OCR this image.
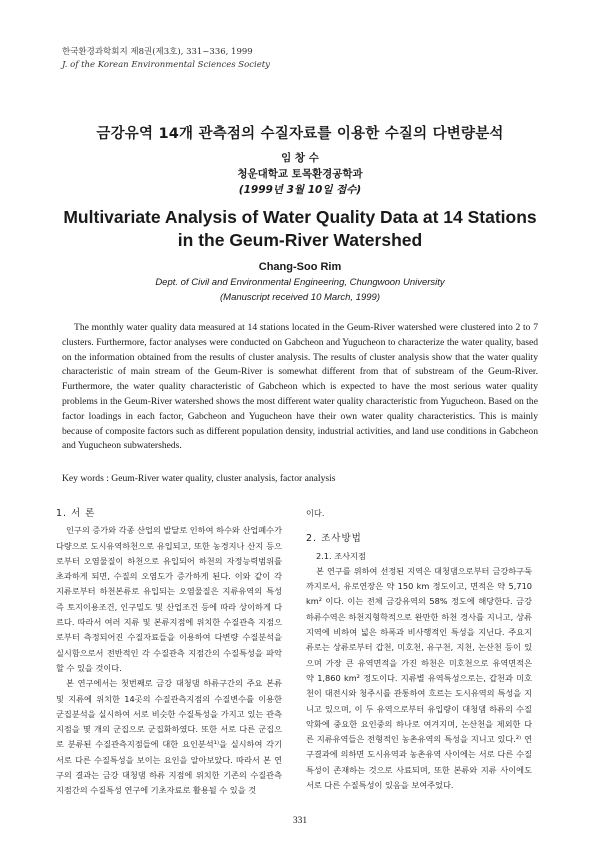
한국환경과학회지 제8권(제3호), 331~336, 1999
J. of the Korean Environmental Sciences Society
금강유역 14개 관측점의 수질자료를 이용한 수질의 다변량분석
임 창 수
청운대학교 토목환경공학과
(1999년 3월 10일 접수)
Multivariate Analysis of Water Quality Data at 14 Stations
in the Geum-River Watershed
Chang-Soo Rim
Dept. of Civil and Environmental Engineering, Chungwoon University
(Manuscript received 10 March, 1999)

The monthly water quality data measured at 14 stations located in the Geum-River watershed were clustered into 2 to 7 clusters. Furthermore, factor analyses were conducted on Gabcheon and Yugucheon to characterize the water quality, based on the information obtained from the results of cluster analysis. The results of cluster analysis show that the water quality characteristic of main stream of the Geum-River is somewhat different from that of substream of the Geum-River. Furthermore, the water quality characteristic of Gabcheon which is expected to have the most serious water quality problems in the Geum-River watershed shows the most different water quality characteristic from Yugucheon. Based on the factor loadings in each factor, Gabcheon and Yugucheon have their own water quality characteristics. This is mainly because of composite factors such as different population density, industrial activities, and land use conditions in Gabcheon and Yugucheon subwatersheds.

Key words : Geum-River water quality, cluster analysis, factor analysis

1. 서 론

인구의 증가와 각종 산업의 발달로 인하여 하수와 산업폐수가 다량으로 도시유역하천으로 유입되고, 또한 농경지나 산지 등으로부터 오염물질이 하천으로 유입되어 하천의 자정능력범위를 초과하게 되면, 수질의 오염도가 증가하게 된다. 이와 같이 각 지류로부터 하천본류로 유입되는 오염물질은 지류유역의 특성 즉 토지이용조건, 인구밀도 및 산업조건 등에 따라 상이하게 다르다. 따라서 여러 지류 및 본류지점에 위치한 수질관측 지점으로부터 측정되어진 수질자료들을 이용하여 다변량 수질분석을 실시함으로서 전반적인 각 수질관측 지점간의 수질특성을 파악할 수 있을 것이다.

본 연구에서는 첫번째로 금강 대청댐 하류구간의 주요 본류 및 지류에 위치한 14곳의 수질관측지점의 수질변수를 이용한 군집분석을 실시하여 서로 비슷한 수질특성을 가지고 있는 관측지점을 몇 개의 군집으로 군집화하였다. 또한 서로 다른 군집으로 분류된 수질관측지점들에 대한 요인분석¹⁾을 실시하여 각기 서로 다른 수질특성을 보이는 요인을 알아보았다. 따라서 본 연구의 결과는 금강 대청댐 하류 지점에 위치한 기존의 수질관측 지점간의 수질특성 연구에 기초자료로 활용될 수 있을 것

이다.

2. 조사방법
2.1. 조사지점

본 연구를 위하여 선정된 지역은 대청댐으로부터 금강하구둑까지로서, 유로연장은 약 150 km 정도이고, 면적은 약 5,710 km² 이다. 이는 전체 금강유역의 58% 정도에 해당한다. 금강하류수역은 하천지형학적으로 완만한 하천 경사를 지니고, 상류지역에 비하여 넓은 하폭과 비사행적인 특성을 지닌다. 주요지류로는 상류로부터 갑천, 미호천, 유구천, 지천, 논산천 등이 있으며 가장 큰 유역면적을 가진 하천은 미호천으로 유역면적은 약 1,860 km² 정도이다. 지류별 유역특성으로는, 갑천과 미호천이 대전시와 청주시를 관통하여 흐르는 도시유역의 특성을 지니고 있으며, 이 두 유역으로부터 유입량이 대청댐 하류의 수질악화에 중요한 요인중의 하나로 여겨지며, 논산천을 제외한 다른 지류유역들은 전형적인 농촌유역의 특성을 지니고 있다.²⁾ 연구결과에 의하면 도시유역과 농촌유역 사이에는 서로 다른 수질특성이 존재하는 것으로 사료되며, 또한 본류와 지류 사이에도 서로 다른 수질특성이 있음을 보여주었다.

331
